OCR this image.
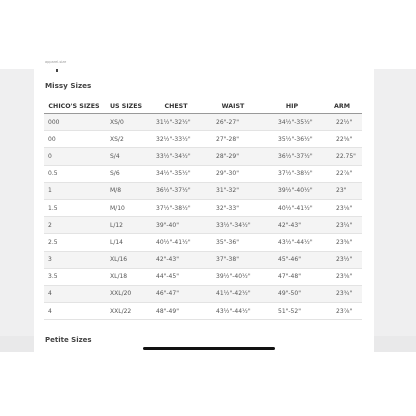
apparel-size
Missy Sizes
CHICO'S SIZES	US SIZES	CHEST	WAIST	HIP	ARM
000	XS/0	31½"-32½"	26"-27"	34½"-35½"	22½"
00	XS/2	32½"-33½"	27"-28"	35½"-36½"	22⅝"
0	S/4	33½"-34½"	28"-29"	36½"-37½"	22.75"
0.5	S/6	34½"-35½"	29"-30"	37½"-38½"	22⅞"
1	M/8	36½"-37½"	31"-32"	39½"-40½"	23"
1.5	M/10	37½"-38½"	32"-33"	40½"-41½"	23⅛"
2	L/12	39"-40"	33½"-34½"	42"-43"	23¼"
2.5	L/14	40½"-41½"	35"-36"	43½"-44½"	23⅜"
3	XL/16	42"-43"	37"-38"	45"-46"	23½"
3.5	XL/18	44"-45"	39½"-40½"	47"-48"	23⅝"
4	XXL/20	46"-47"	41½"-42½"	49"-50"	23¾"
4	XXL/22	48"-49"	43½"-44½"	51"-52"	23⅞"
Petite Sizes
